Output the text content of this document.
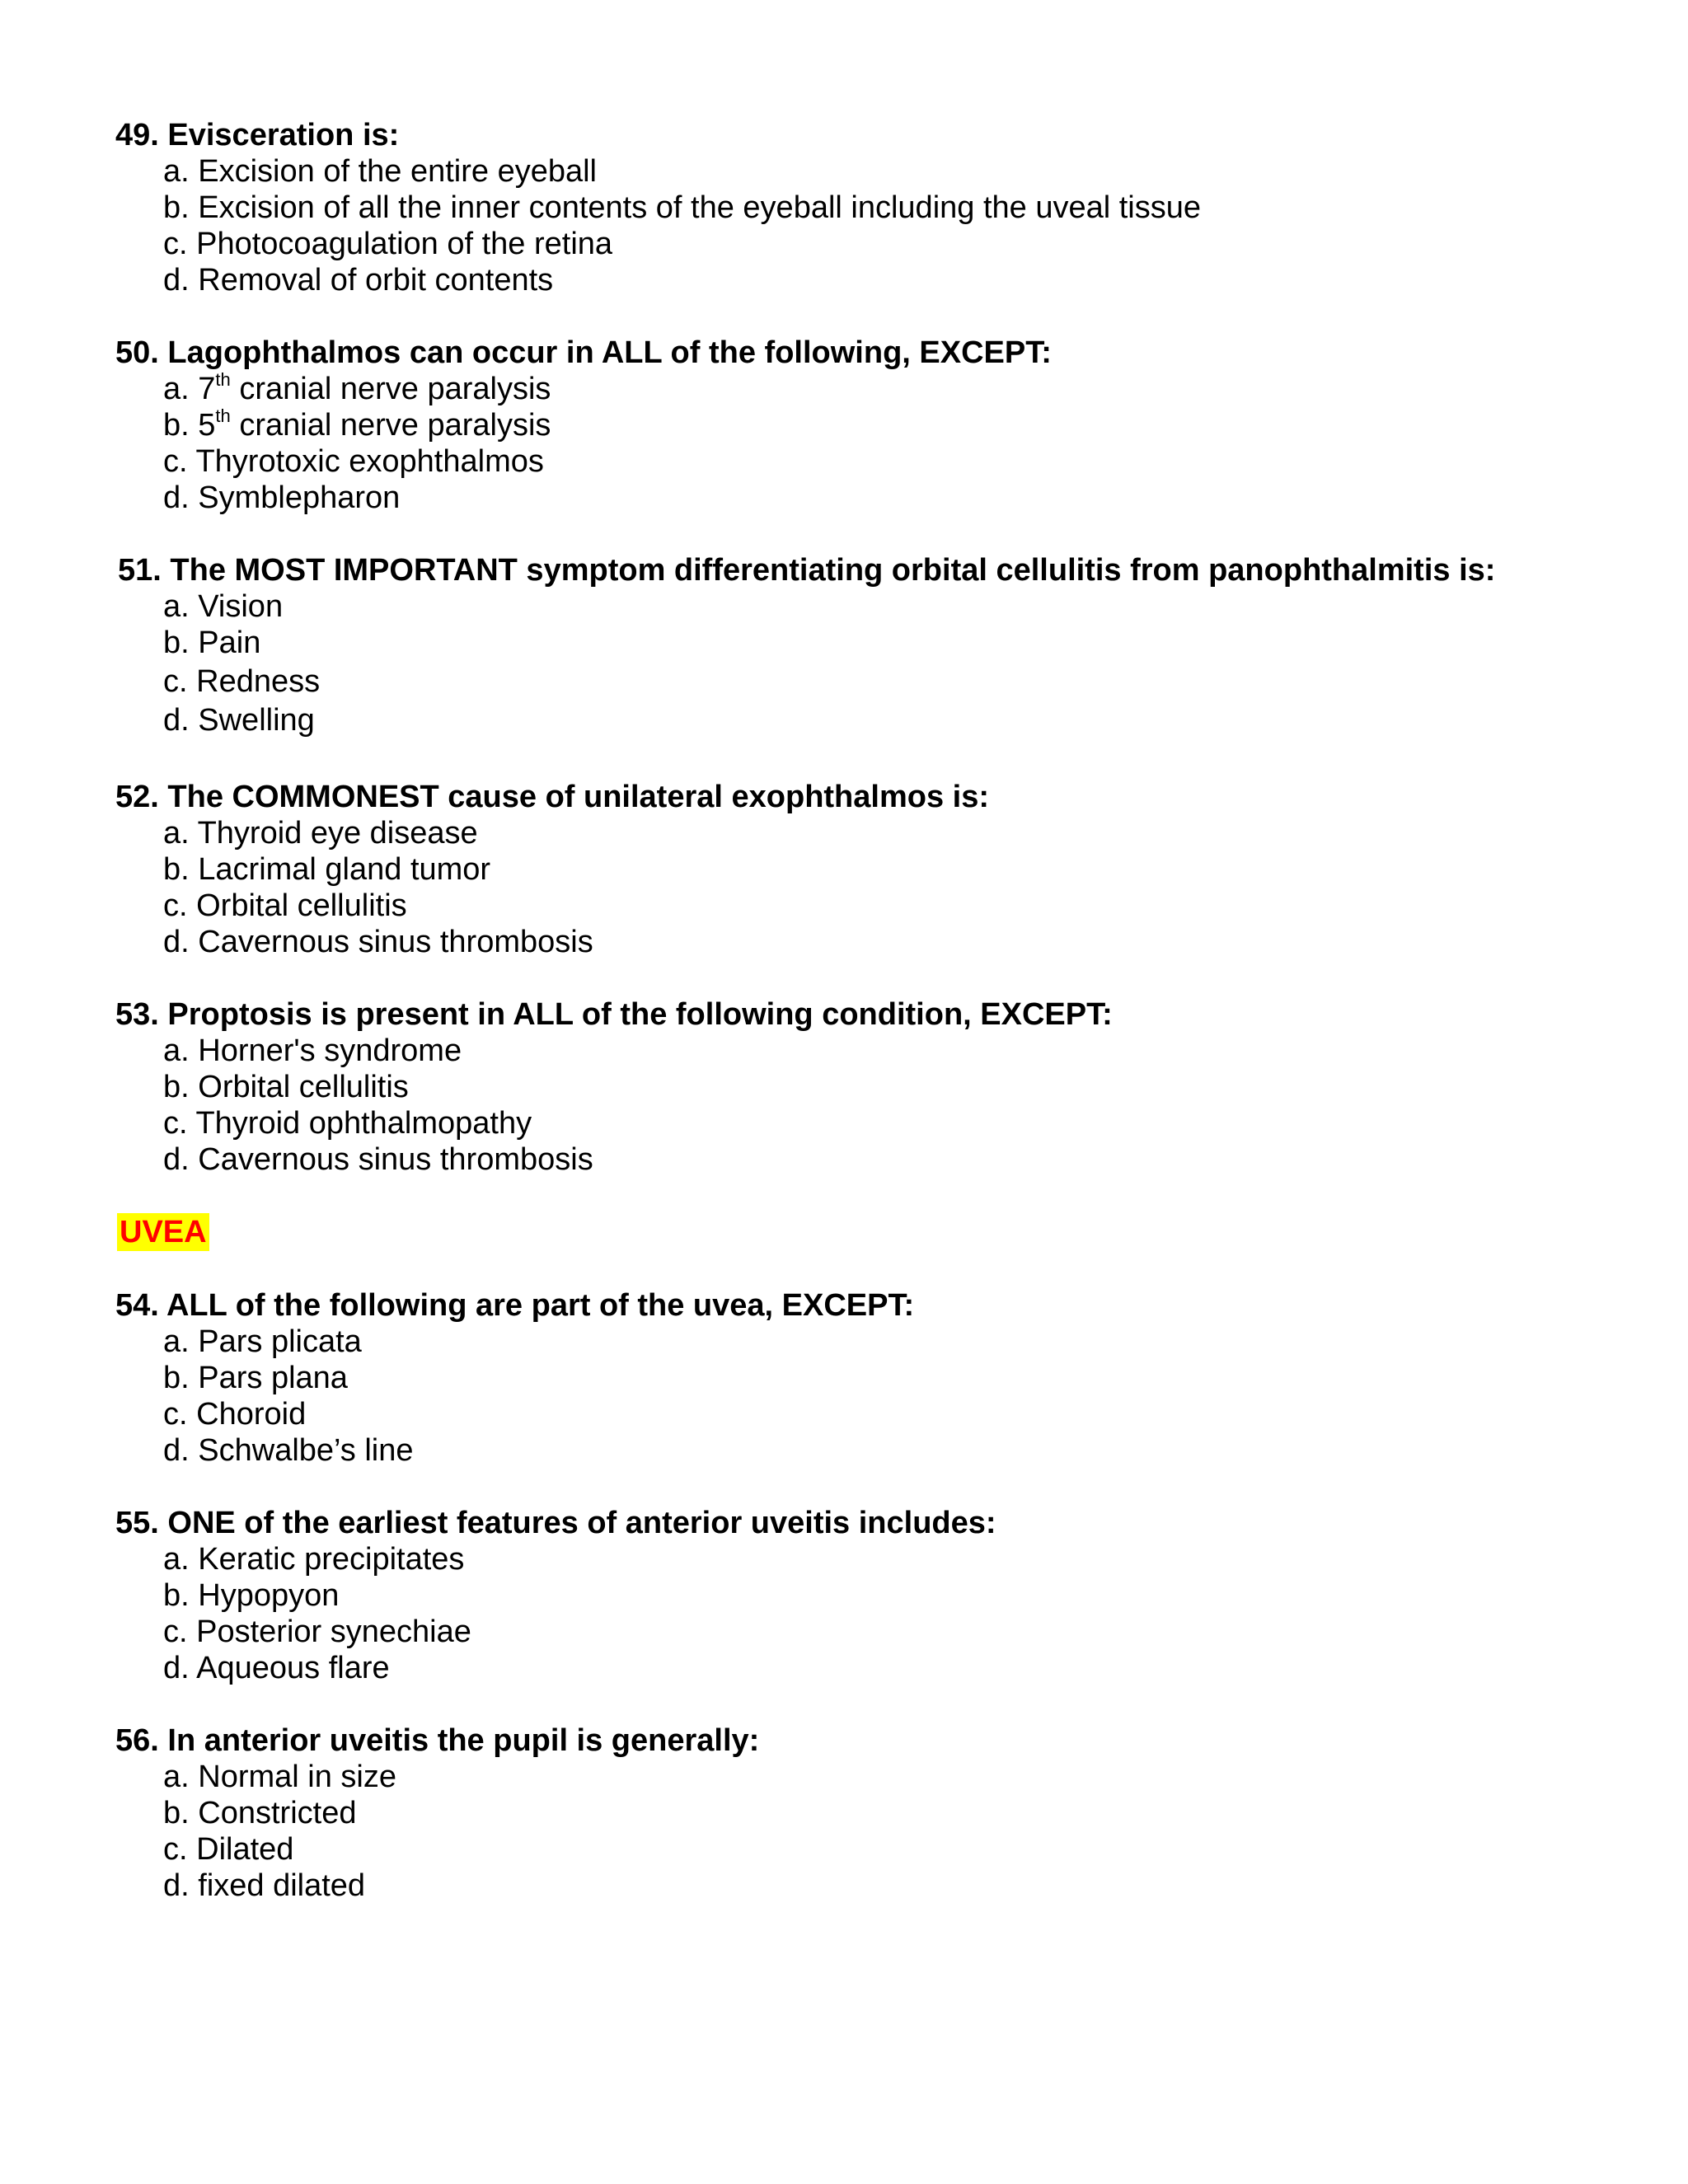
49. Evisceration is:

a. Excision of the entire eyeball
b. Excision of all the inner contents of the eyeball including the uveal tissue
c. Photocoagulation of the retina
d. Removal of orbit contents

50. Lagophthalmos can occur in ALL of the following, EXCEPT:

a. 7th cranial nerve paralysis
b. 5th cranial nerve paralysis
c. Thyrotoxic exophthalmos
d. Symblepharon

51. The MOST IMPORTANT symptom differentiating orbital cellulitis from panophthalmitis is:

a. Vision
b. Pain
c. Redness
d. Swelling

52. The COMMONEST cause of unilateral exophthalmos is:

a. Thyroid eye disease
b. Lacrimal gland tumor
c. Orbital cellulitis
d. Cavernous sinus thrombosis

53. Proptosis is present in ALL of the following condition, EXCEPT:

a. Horner's syndrome
b. Orbital cellulitis
c. Thyroid ophthalmopathy
d. Cavernous sinus thrombosis
UVEA

54. ALL of the following are part of the uvea, EXCEPT:

a. Pars plicata
b. Pars plana
c. Choroid
d. Schwalbe’s line

55. ONE of the earliest features of anterior uveitis includes:

a. Keratic precipitates
b. Hypopyon
c. Posterior synechiae
d. Aqueous flare

56. In anterior uveitis the pupil is generally:

a. Normal in size
b. Constricted
c. Dilated
d. fixed dilated
